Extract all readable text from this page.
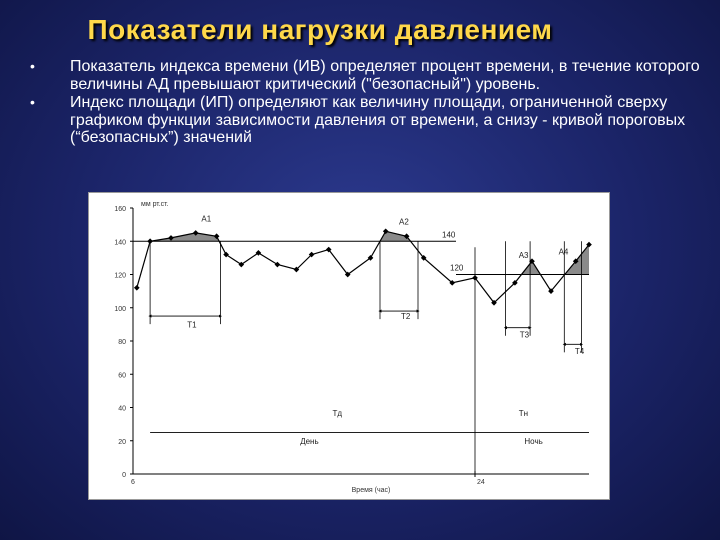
Показатели нагрузки давлением
• Показатель индекса времени (ИВ) определяет процент времени, в течение которого величины АД превышают критический ("безопасный") уровень.
• Индекс площади (ИП) определяют как величину площади, ограниченной сверху графиком функции зависимости давления от времени, а снизу - кривой пороговых (“безопасных”) значений
мм рт.ст.
0
20
40
60
80
100
120
140
160
6	24
Время (час)
140
120
A1	A2
A3	A4
T1
T2
T3
T4
Tд	Tн
День	Ночь
